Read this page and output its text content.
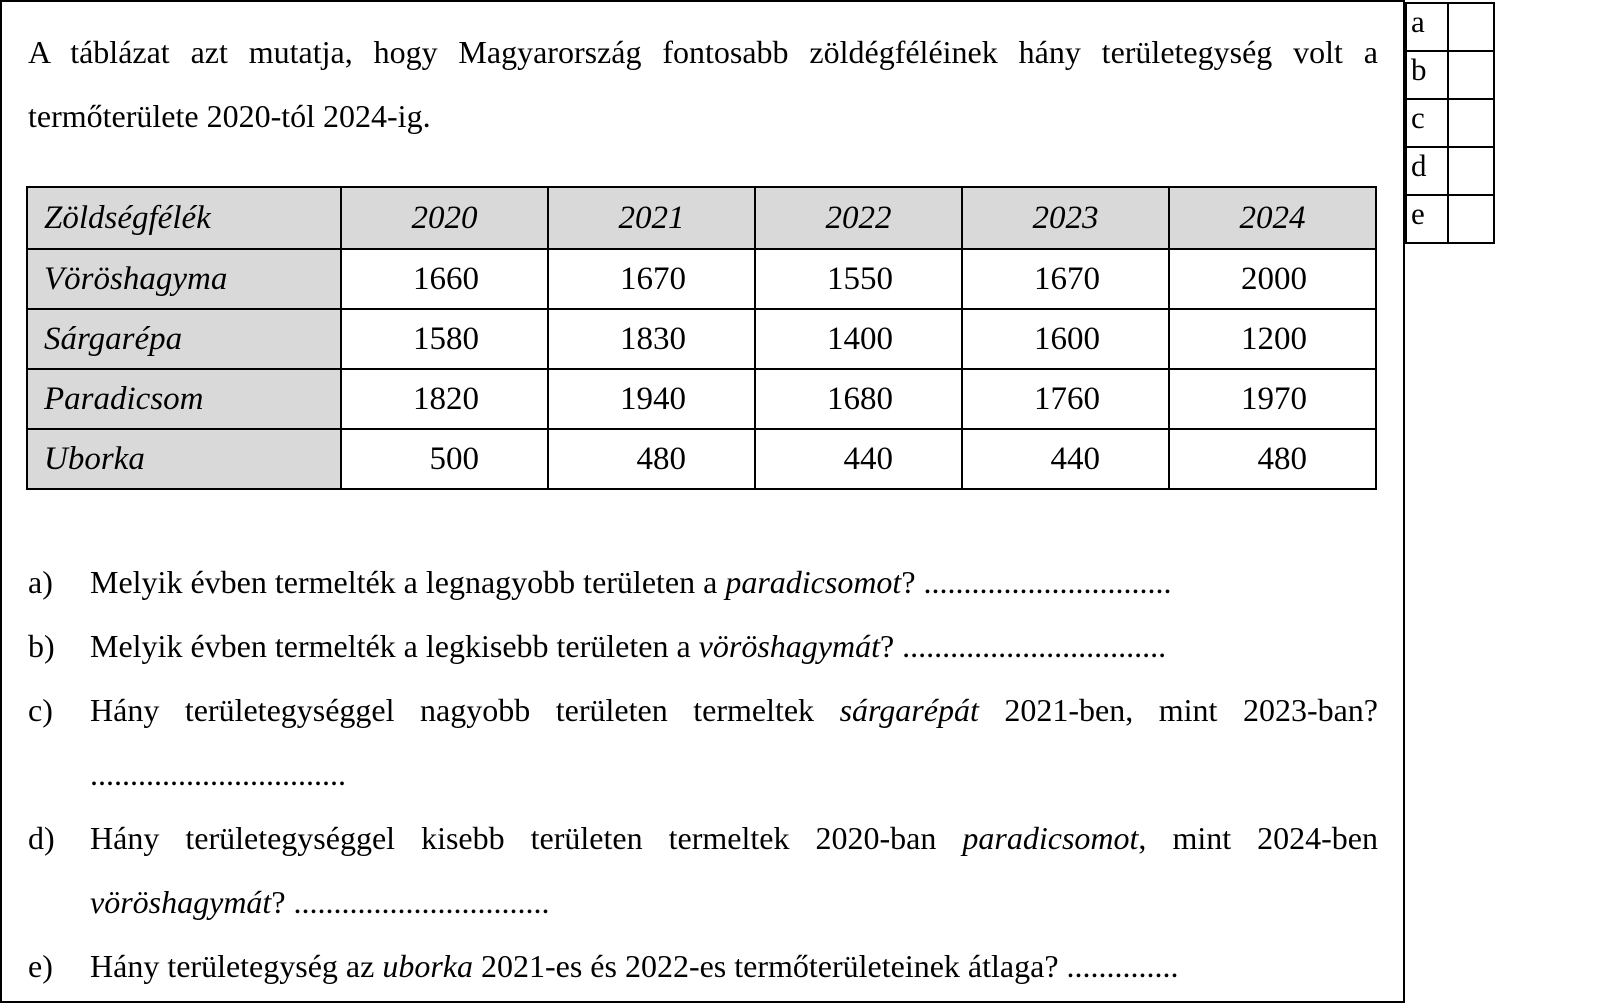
A táblázat azt mutatja, hogy Magyarország fontosabb zöldégféléinek hány területegység volt a termőterülete 2020-tól 2024-ig.

Zöldségfélék	2020	2021	2022	2023	2024
Vöröshagyma	1660	1670	1550	1670	2000
Sárgarépa	1580	1830	1400	1600	1200
Paradicsom	1820	1940	1680	1760	1970
Uborka	500	480	440	440	480
a)	Melyik évben termelték a legnagyobb területen a paradicsomot? ...............................
b)	Melyik évben termelték a legkisebb területen a vöröshagymát? .................................
c)	Hány területegységgel nagyobb területen termeltek sárgarépát 2021-ben, mint 2023-ban? ................................
d)	Hány területegységgel kisebb területen termeltek 2020-ban paradicsomot, mint 2024-ben vöröshagymát? ................................
e)	Hány területegység az uborka 2021-es és 2022-es termőterületeinek átlaga? ..............
a	
b	
c	
d	
e	
